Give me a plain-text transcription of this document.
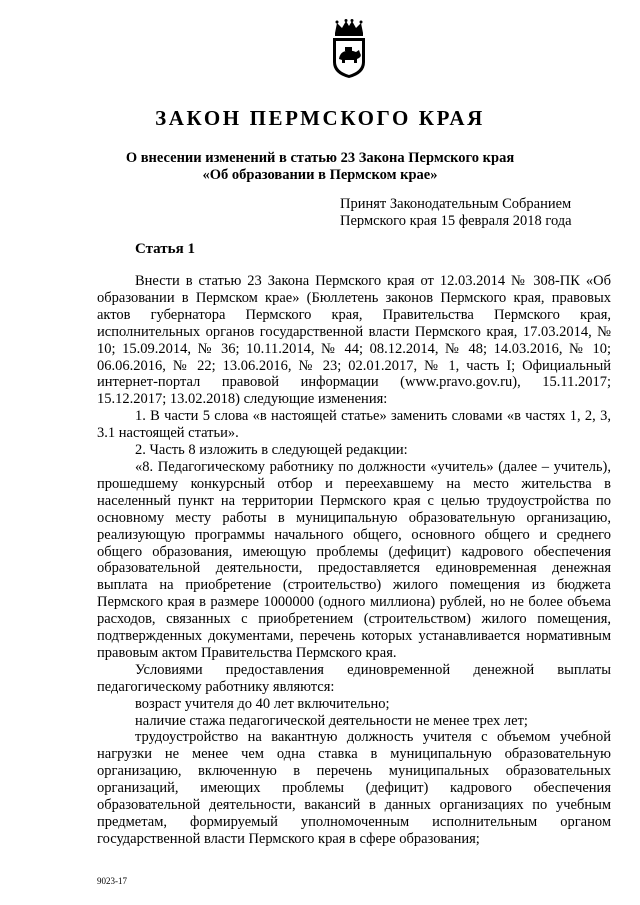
ЗАКОН ПЕРМСКОГО КРАЯ
О внесении изменений в статью 23 Закона Пермского края
«Об образовании в Пермском крае»
Принят Законодательным Собранием
Пермского края 15 февраля 2018 года
Статья 1

Внести в статью 23 Закона Пермского края от 12.03.2014 № 308-ПК «Об образовании в Пермском крае» (Бюллетень законов Пермского края, правовых актов губернатора Пермского края, Правительства Пермского края, исполнительных органов государственной власти Пермского края, 17.03.2014, № 10; 15.09.2014, № 36; 10.11.2014, № 44; 08.12.2014, № 48; 14.03.2016, № 10; 06.06.2016, № 22; 13.06.2016, № 23; 02.01.2017, № 1, часть I; Официальный интернет-портал правовой информации (www.pravo.gov.ru), 15.11.2017; 15.12.2017; 13.02.2018) следующие изменения:

1. В части 5 слова «в настоящей статье» заменить словами «в частях 1, 2, 3, 3.1 настоящей статьи».

2. Часть 8 изложить в следующей редакции:

«8. Педагогическому работнику по должности «учитель» (далее – учитель), прошедшему конкурсный отбор и переехавшему на место жительства в населенный пункт на территории Пермского края с целью трудоустройства по основному месту работы в муниципальную образовательную организацию, реализующую программы начального общего, основного общего и среднего общего образования, имеющую проблемы (дефицит) кадрового обеспечения образовательной деятельности, предоставляется единовременная денежная выплата на приобретение (строительство) жилого помещения из бюджета Пермского края в размере 1000000 (одного миллиона) рублей, но не более объема расходов, связанных с приобретением (строительством) жилого помещения, подтвержденных документами, перечень которых устанавливается нормативным правовым актом Правительства Пермского края.

Условиями предоставления единовременной денежной выплаты педагогическому работнику являются:

возраст учителя до 40 лет включительно;

наличие стажа педагогической деятельности не менее трех лет;

трудоустройство на вакантную должность учителя с объемом учебной нагрузки не менее чем одна ставка в муниципальную образовательную организацию, включенную в перечень муниципальных образовательных организаций, имеющих проблемы (дефицит) кадрового обеспечения образовательной деятельности, вакансий в данных организациях по учебным предметам, формируемый уполномоченным исполнительным органом государственной власти Пермского края в сфере образования;

9023-17
